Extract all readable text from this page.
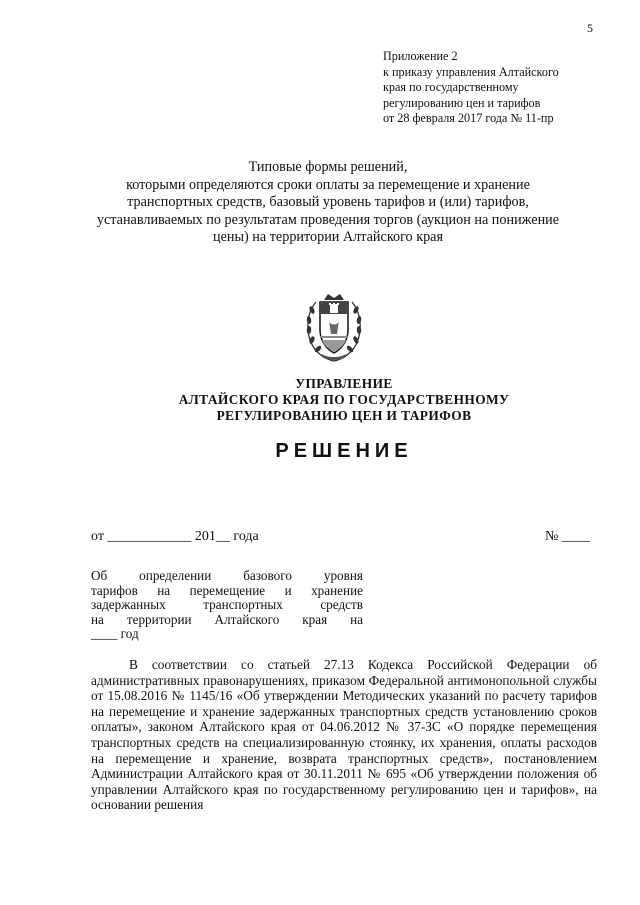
5
Приложение 2
к приказу управления Алтайского
края по государственному
регулированию цен и тарифов
от 28 февраля 2017 года № 11-пр
Типовые формы решений,
которыми определяются сроки оплаты за перемещение и хранение
транспортных средств, базовый уровень тарифов и (или) тарифов,
устанавливаемых по результатам проведения торгов (аукцион на понижение
цены) на территории Алтайского края
УПРАВЛЕНИЕ
АЛТАЙСКОГО КРАЯ ПО ГОСУДАРСТВЕННОМУ
РЕГУЛИРОВАНИЮ ЦЕН И ТАРИФОВ
РЕШЕНИЕ
от ____________ 201__ года	№ ____
Об определении базового уровня
тарифов на перемещение и хранение
задержанных транспортных средств
на территории Алтайского края на
____ год
В соответствии со статьей 27.13 Кодекса Российской Федерации об административных правонарушениях, приказом Федеральной антимонопольной службы от 15.08.2016 № 1145/16 «Об утверждении Методических указаний по расчету тарифов на перемещение и хранение задержанных транспортных средств установлению сроков оплаты», законом Алтайского края от 04.06.2012 № 37-ЗС «О порядке перемещения транспортных средств на специализированную стоянку, их хранения, оплаты расходов на перемещение и хранение, возврата транспортных средств», постановлением Администрации Алтайского края от 30.11.2011 № 695 «Об утверждении положения об управлении Алтайского края по государственному регулированию цен и тарифов», на основании решения
